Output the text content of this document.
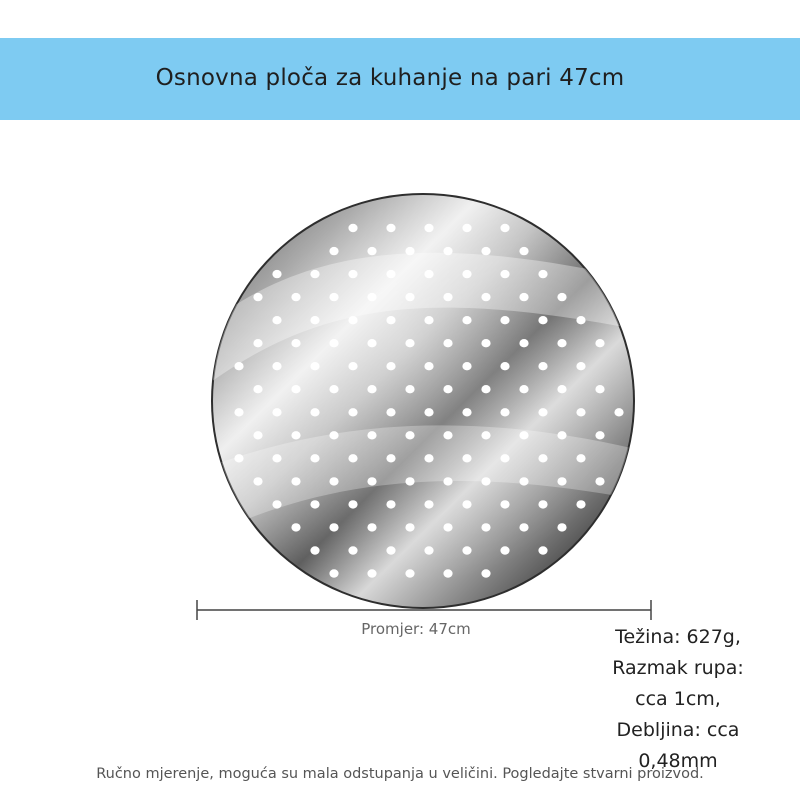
Osnovna ploča za kuhanje na pari 47cm
Promjer: 47cm	Težina: 627g,
Razmak rupa:
cca 1cm,
Debljina: cca
0,48mm
Ručno mjerenje, moguća su mala odstupanja u veličini. Pogledajte stvarni proizvod.
